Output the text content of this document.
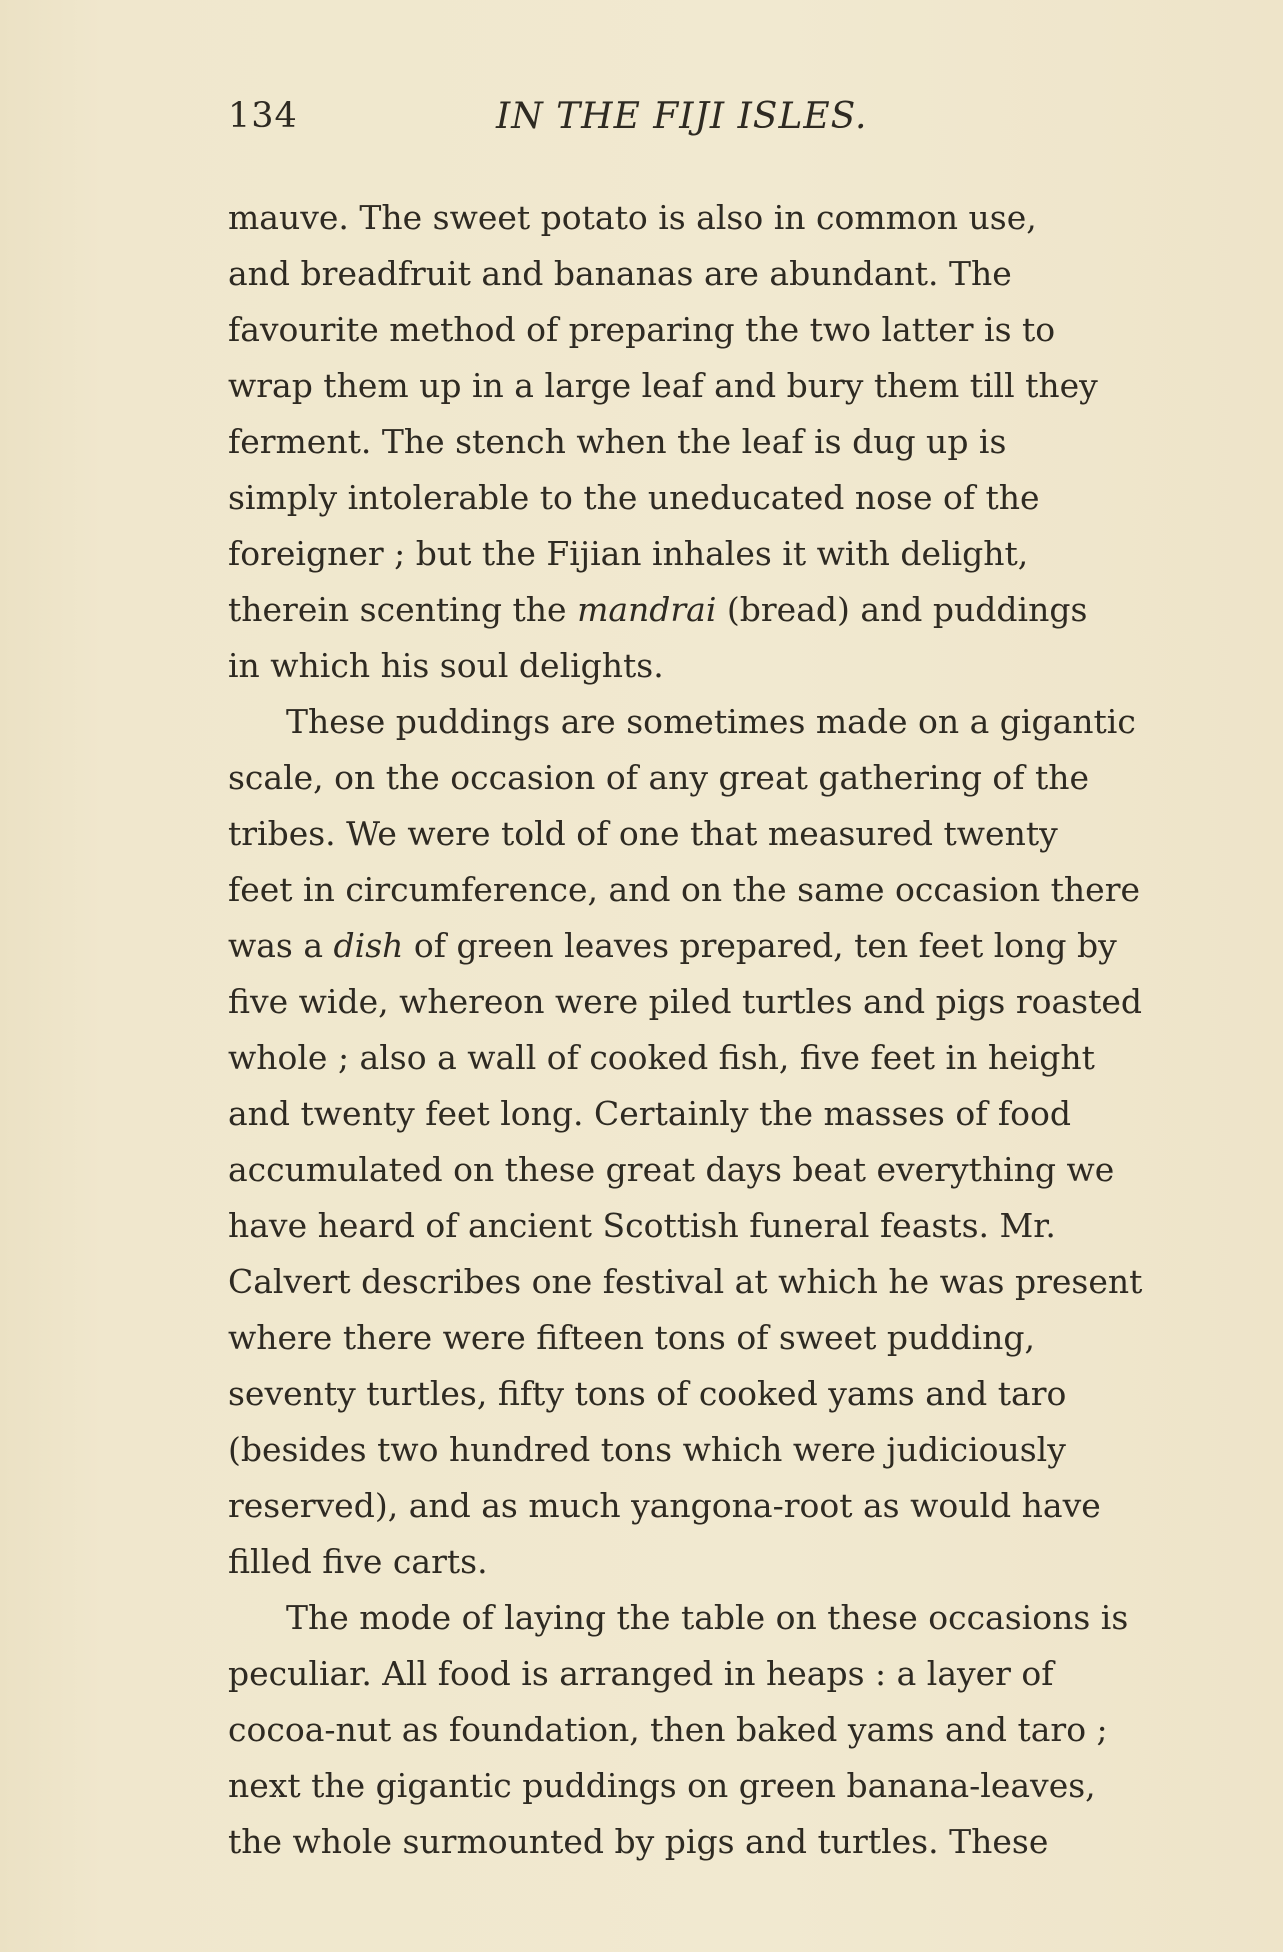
134	IN THE FIJI ISLES.
mauve. The sweet potato is also in common use,
and breadfruit and bananas are abundant. The
favourite method of preparing the two latter is to
wrap them up in a large leaf and bury them till they
ferment. The stench when the leaf is dug up is
simply intolerable to the uneducated nose of the
foreigner ; but the Fijian inhales it with delight,
therein scenting the mandrai (bread) and puddings
in which his soul delights.
These puddings are sometimes made on a gigantic
scale, on the occasion of any great gathering of the
tribes. We were told of one that measured twenty
feet in circumference, and on the same occasion there
was a dish of green leaves prepared, ten feet long by
five wide, whereon were piled turtles and pigs roasted
whole ; also a wall of cooked fish, five feet in height
and twenty feet long. Certainly the masses of food
accumulated on these great days beat everything we
have heard of ancient Scottish funeral feasts. Mr.
Calvert describes one festival at which he was present
where there were fifteen tons of sweet pudding,
seventy turtles, fifty tons of cooked yams and taro
(besides two hundred tons which were judiciously
reserved), and as much yangona-root as would have
filled five carts.
The mode of laying the table on these occasions is
peculiar. All food is arranged in heaps : a layer of
cocoa-nut as foundation, then baked yams and taro ;
next the gigantic puddings on green banana-leaves,
the whole surmounted by pigs and turtles. These
